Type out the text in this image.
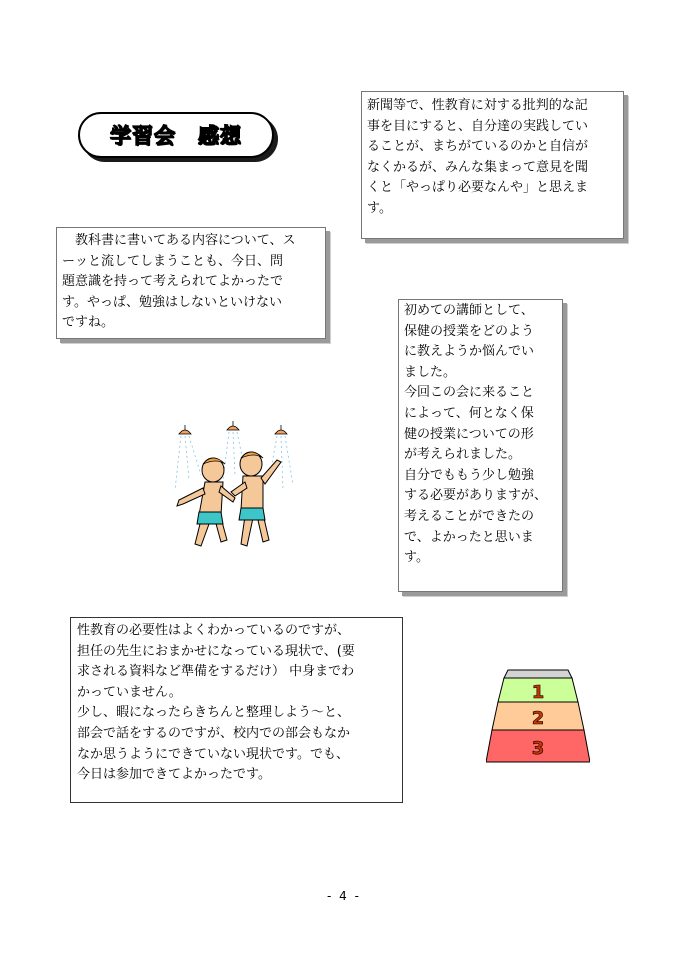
学習会　感想

新聞等で、性教育に対する批判的な記

事を目にすると、自分達の実践してい

ることが、まちがているのかと自信が

なくかるが、みんな集まって意見を聞

くと「やっぱり必要なんや」と思えま

す。

　教科書に書いてある内容について、ス

ーッと流してしまうことも、今日、問

題意識を持って考えられてよかったで

す。やっぱ、勉強はしないといけない

ですね。

初めての講師として、

保健の授業をどのよう

に教えようか悩んでい

ました。

今回この会に来ること

によって、何となく保

健の授業についての形

が考えられました。

自分でももう少し勉強

する必要がありますが、

考えることができたの

で、よかったと思いま

す。

性教育の必要性はよくわかっているのですが、

担任の先生におまかせになっている現状で、(要

求される資料など準備をするだけ） 中身までわ

かっていません。

少し、暇になったらきちんと整理しよう～と、

部会で話をするのですが、校内での部会もなか

なか思うようにできていない現状です。でも、

今日は参加できてよかったです。

1
2
3
- 4 -
